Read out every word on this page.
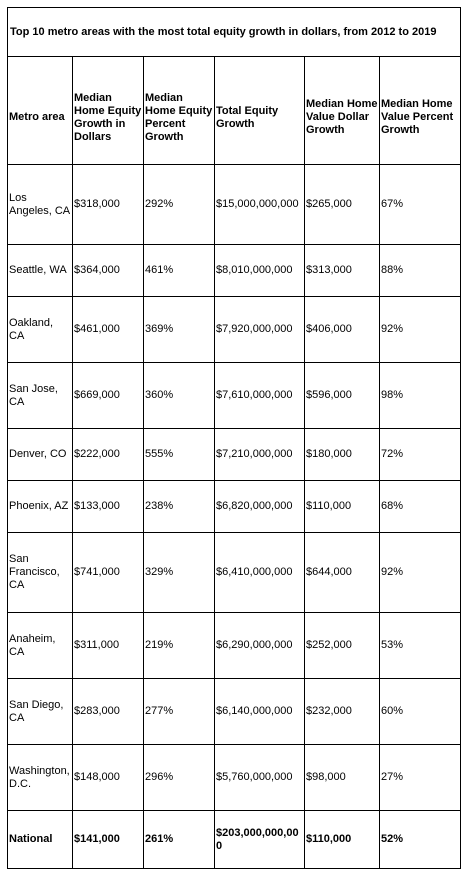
Top 10 metro areas with the most total equity growth in dollars, from 2012 to 2019					
Metro area	Median Home Equity Growth in Dollars	Median Home Equity Percent Growth	Total Equity Growth	Median Home Value Dollar Growth	Median Home Value Percent Growth
Los Angeles, CA	$318,000	292%	$15,000,000,000	$265,000	67%
Seattle, WA	$364,000	461%	$8,010,000,000	$313,000	88%
Oakland, CA	$461,000	369%	$7,920,000,000	$406,000	92%
San Jose, CA	$669,000	360%	$7,610,000,000	$596,000	98%
Denver, CO	$222,000	555%	$7,210,000,000	$180,000	72%
Phoenix, AZ	$133,000	238%	$6,820,000,000	$110,000	68%
San Francisco, CA	$741,000	329%	$6,410,000,000	$644,000	92%
Anaheim, CA	$311,000	219%	$6,290,000,000	$252,000	53%
San Diego, CA	$283,000	277%	$6,140,000,000	$232,000	60%
Washington, D.C.	$148,000	296%	$5,760,000,000	$98,000	27%
National	$141,000	261%	$203,000,000,000	$110,000	52%
